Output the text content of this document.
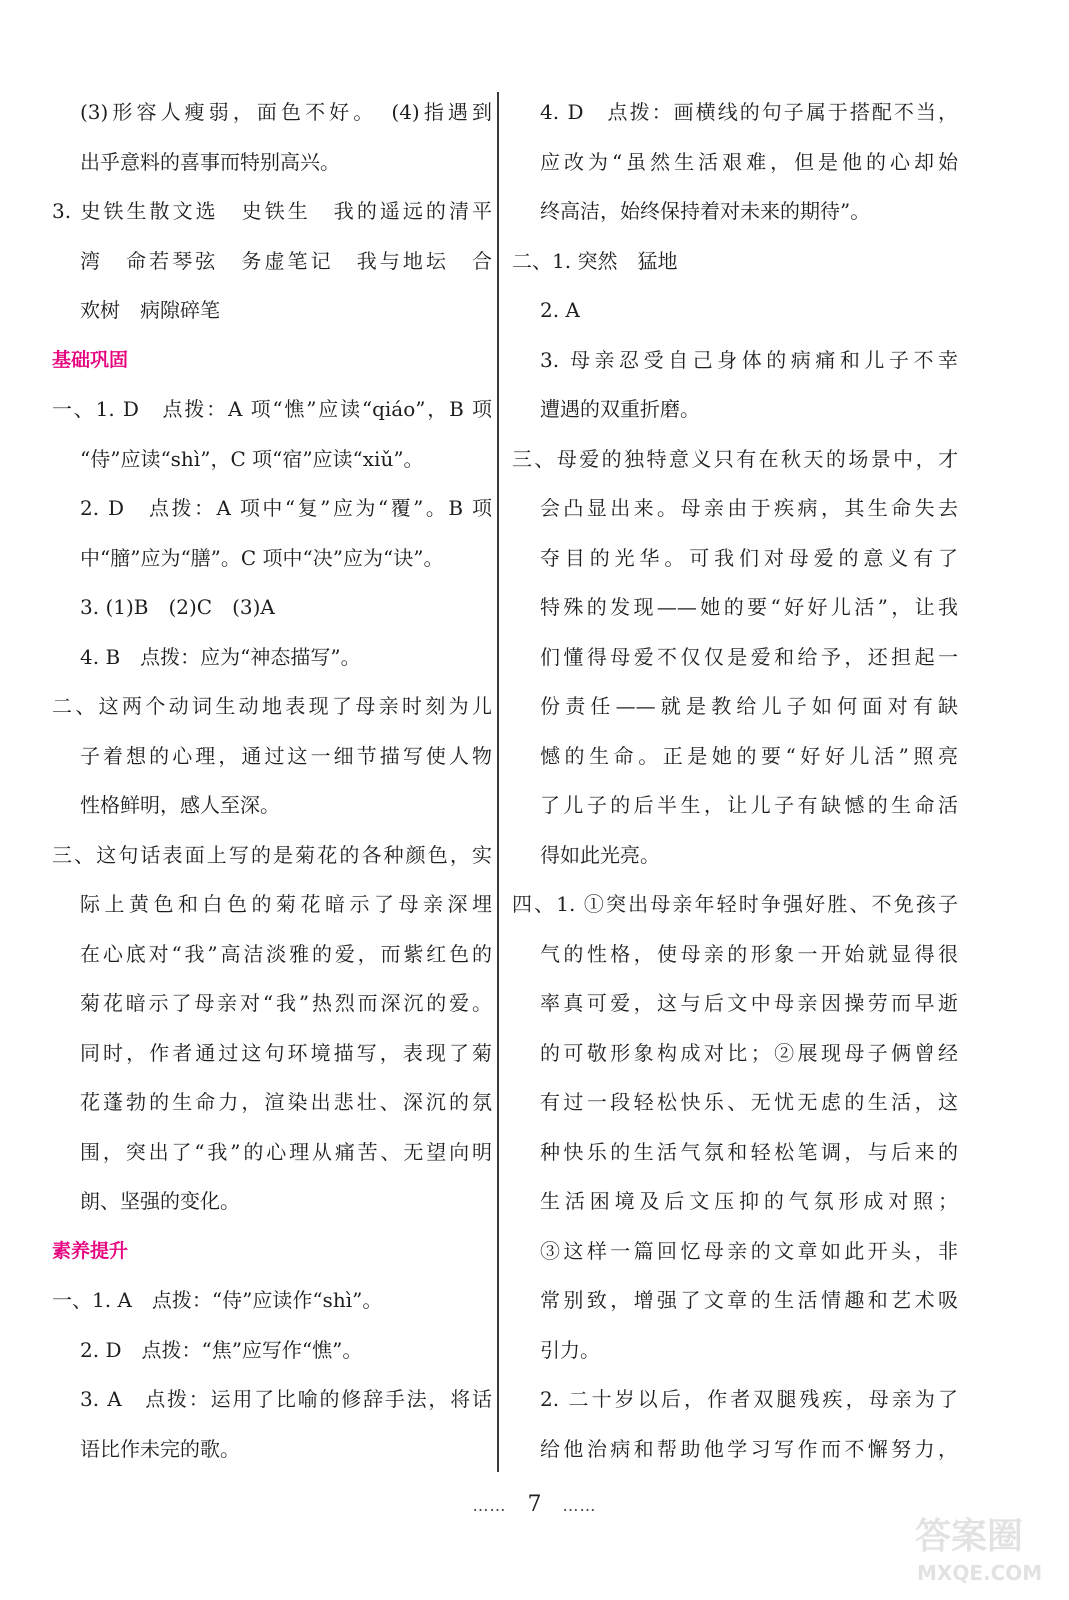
(3)形容人瘦弱，面色不好。　(4)指遇到
出乎意料的喜事而特别高兴。
3. 史铁生散文选　史铁生　我的遥远的清平
湾　命若琴弦　务虚笔记　我与地坛　合
欢树　病隙碎笔
基础巩固
一、1. D　点拨：A 项“憔”应读“qiáo”，B 项
“侍”应读“shì”，C 项“宿”应读“xiǔ”。
2. D　点拨：A 项中“复”应为“覆”。B 项
中“膪”应为“膳”。C 项中“决”应为“诀”。
3. (1)B　(2)C　(3)A
4. B　点拨：应为“神态描写”。
二、这两个动词生动地表现了母亲时刻为儿
子着想的心理，通过这一细节描写使人物
性格鲜明，感人至深。
三、这句话表面上写的是菊花的各种颜色，实
际上黄色和白色的菊花暗示了母亲深埋
在心底对“我”高洁淡雅的爱，而紫红色的
菊花暗示了母亲对“我”热烈而深沉的爱。
同时，作者通过这句环境描写，表现了菊
花蓬勃的生命力，渲染出悲壮、深沉的氛
围，突出了“我”的心理从痛苦、无望向明
朗、坚强的变化。
素养提升
一、1. A　点拨：“侍”应读作“shì”。
2. D　点拨：“焦”应写作“憔”。
3. A　点拨：运用了比喻的修辞手法，将话
语比作未完的歌。
4. D　点拨：画横线的句子属于搭配不当，
应改为“虽然生活艰难，但是他的心却始
终高洁，始终保持着对未来的期待”。
二、1. 突然　猛地
2. A
3. 母亲忍受自己身体的病痛和儿子不幸
遭遇的双重折磨。
三、母爱的独特意义只有在秋天的场景中，才
会凸显出来。母亲由于疾病，其生命失去
夺目的光华。可我们对母爱的意义有了
特殊的发现——她的要“好好儿活”，让我
们懂得母爱不仅仅是爱和给予，还担起一
份责任——就是教给儿子如何面对有缺
憾的生命。正是她的要“好好儿活”照亮
了儿子的后半生，让儿子有缺憾的生命活
得如此光亮。
四、1. ①突出母亲年轻时争强好胜、不免孩子
气的性格，使母亲的形象一开始就显得很
率真可爱，这与后文中母亲因操劳而早逝
的可敬形象构成对比；②展现母子俩曾经
有过一段轻松快乐、无忧无虑的生活，这
种快乐的生活气氛和轻松笔调，与后来的
生活困境及后文压抑的气氛形成对照；
③这样一篇回忆母亲的文章如此开头，非
常别致，增强了文章的生活情趣和艺术吸
引力。
2. 二十岁以后，作者双腿残疾，母亲为了
给他治病和帮助他学习写作而不懈努力，
…… 7 ……
答案圈
MXQE.COM
